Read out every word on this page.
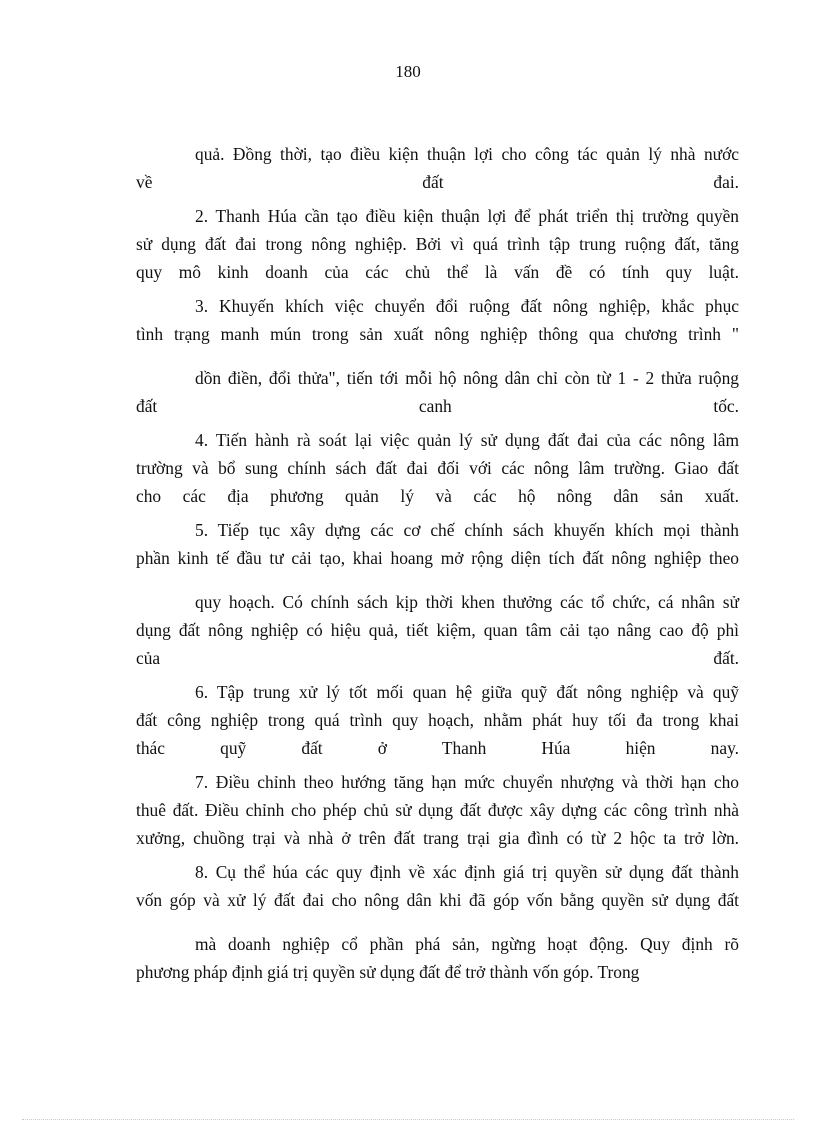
180
quả. Đồng thời, tạo điều kiện thuận lợi cho công tác quản lý nhà nước
về đất đai.
2. Thanh Húa cần tạo điều kiện thuận lợi để phát triển thị trường quyền
sử dụng đất đai trong nông nghiệp. Bởi vì quá trình tập trung ruộng đất, tăng
quy mô kinh doanh của các chủ thể là vấn đề có tính quy luật.
3. Khuyến khích việc chuyển đổi ruộng đất nông nghiệp, khắc phục
tình trạng manh mún trong sản xuất nông nghiệp thông qua chương trình "
dồn điền, đổi thửa", tiến tới mỗi hộ nông dân chỉ còn từ 1 - 2 thửa ruộng
đất canh tốc.
4. Tiến hành rà soát lại việc quản lý sử dụng đất đai của các nông lâm
trường và bổ sung chính sách đất đai đối với các nông lâm trường. Giao đất
cho các địa phương quản lý và các hộ nông dân sản xuất.
5. Tiếp tục xây dựng các cơ chế chính sách khuyến khích mọi thành
phần kinh tế đầu tư cải tạo, khai hoang mở rộng diện tích đất nông nghiệp theo
quy hoạch. Có chính sách kịp thời khen thưởng các tổ chức, cá nhân sử
dụng đất nông nghiệp có hiệu quả, tiết kiệm, quan tâm cải tạo nâng cao độ phì
của đất.
6. Tập trung xử lý tốt mối quan hệ giữa quỹ đất nông nghiệp và quỹ
đất công nghiệp trong quá trình quy hoạch, nhằm phát huy tối đa trong khai
thác quỹ đất ở Thanh Húa hiện nay.
7. Điều chỉnh theo hướng tăng hạn mức chuyển nhượng và thời hạn cho
thuê đất. Điều chỉnh cho phép chủ sử dụng đất được xây dựng các công trình nhà
xưởng, chuồng trại và nhà ở trên đất trang trại gia đình có từ 2 hộc ta trở lờn.
8. Cụ thể húa các quy định về xác định giá trị quyền sử dụng đất thành
vốn góp và xử lý đất đai cho nông dân khi đã góp vốn bằng quyền sử dụng đất
mà doanh nghiệp cổ phần phá sản, ngừng hoạt động. Quy định rõ
phương pháp định giá trị quyền sử dụng đất để trở thành vốn góp. Trong
